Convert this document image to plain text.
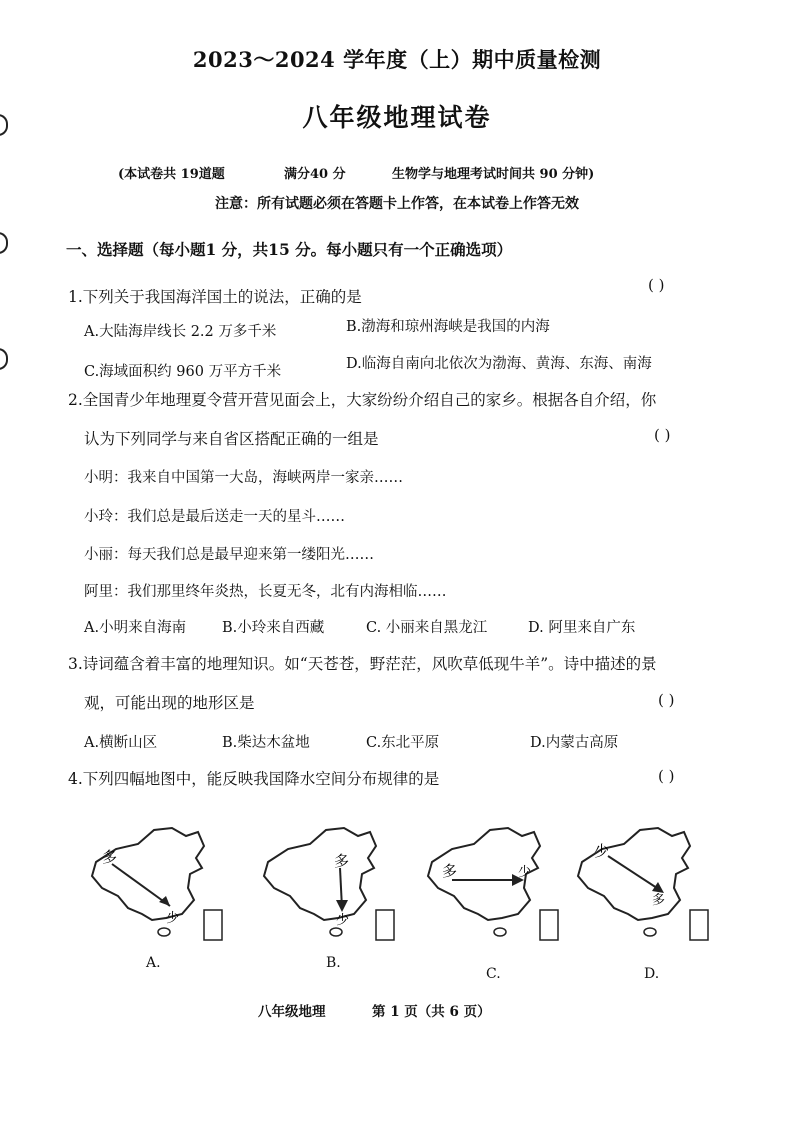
2023～2024 学年度（上）期中质量检测
八年级地理试卷
(本试卷共 19道题	满分40 分	生物学与地理考试时间共 90 分钟)
注意：所有试题必须在答题卡上作答，在本试卷上作答无效
一、选择题（每小题1 分，共15 分。每小题只有一个正确选项）
1.下列关于我国海洋国土的说法，正确的是
( )
A.大陆海岸线长 2.2 万多千米	B.渤海和琼州海峡是我国的内海
C.海域面积约 960 万平方千米	D.临海自南向北依次为渤海、黄海、东海、南海
2.全国青少年地理夏令营开营见面会上，大家纷纷介绍自己的家乡。根据各自介绍，你
认为下列同学与来自省区搭配正确的一组是	( )
小明：我来自中国第一大岛，海峡两岸一家亲……
小玲：我们总是最后送走一天的星斗……
小丽：每天我们总是最早迎来第一缕阳光……
阿里：我们那里终年炎热，长夏无冬，北有内海相临……
A.小明来自海南 B.小玲来自西藏	C. 小丽来自黑龙江	D. 阿里来自广东
3.诗词蕴含着丰富的地理知识。如“天苍苍，野茫茫，风吹草低现牛羊”。诗中描述的景
观，可能出现的地形区是	( )
A.横断山区	B.柴达木盆地	C.东北平原	D.内蒙古高原
4.下列四幅地图中，能反映我国降水空间分布规律的是	( )
多
少
A.
多
少
B.
多	少
C.
少
多
D.
八年级地理	第 1 页（共 6 页）
